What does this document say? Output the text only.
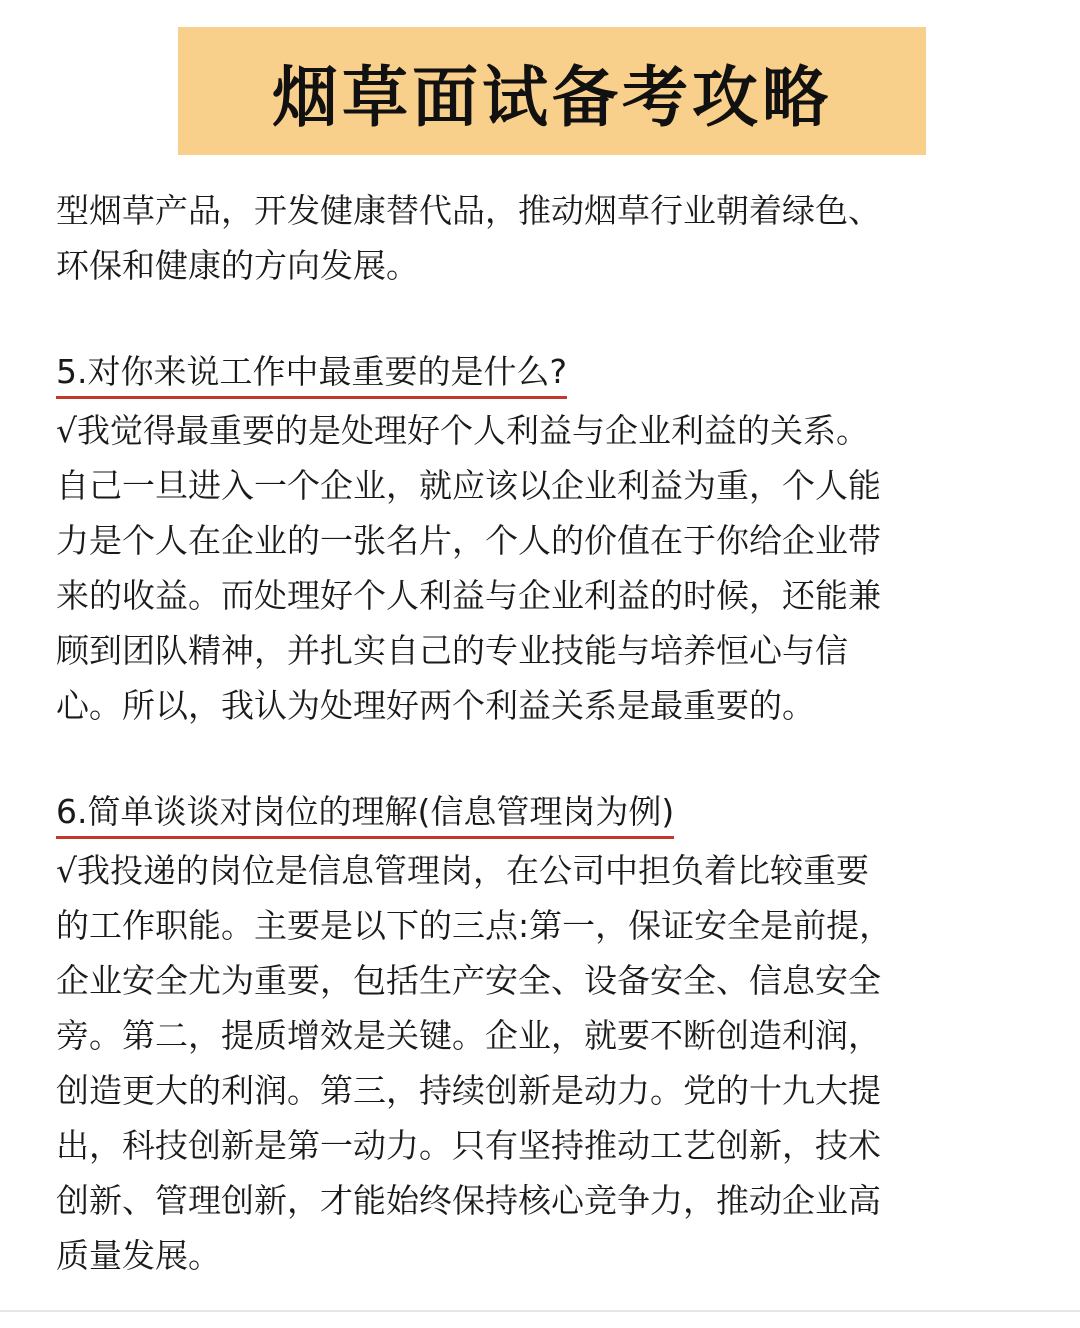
烟草面试备考攻略

型烟草产品，开发健康替代品，推动烟草行业朝着绿色、
环保和健康的方向发展。

5.对你来说工作中最重要的是什么?

√我觉得最重要的是处理好个人利益与企业利益的关系。
自己一旦进入一个企业，就应该以企业利益为重，个人能
力是个人在企业的一张名片，个人的价值在于你给企业带
来的收益。而处理好个人利益与企业利益的时候，还能兼
顾到团队精神，并扎实自己的专业技能与培养恒心与信
心。所以，我认为处理好两个利益关系是最重要的。

6.简单谈谈对岗位的理解(信息管理岗为例)

√我投递的岗位是信息管理岗，在公司中担负着比较重要
的工作职能。主要是以下的三点:第一，保证安全是前提，
企业安全尤为重要，包括生产安全、设备安全、信息安全
旁。第二，提质增效是关键。企业，就要不断创造利润，
创造更大的利润。第三，持续创新是动力。党的十九大提
出，科技创新是第一动力。只有坚持推动工艺创新，技术
创新、管理创新，才能始终保持核心竞争力，推动企业高
质量发展。
